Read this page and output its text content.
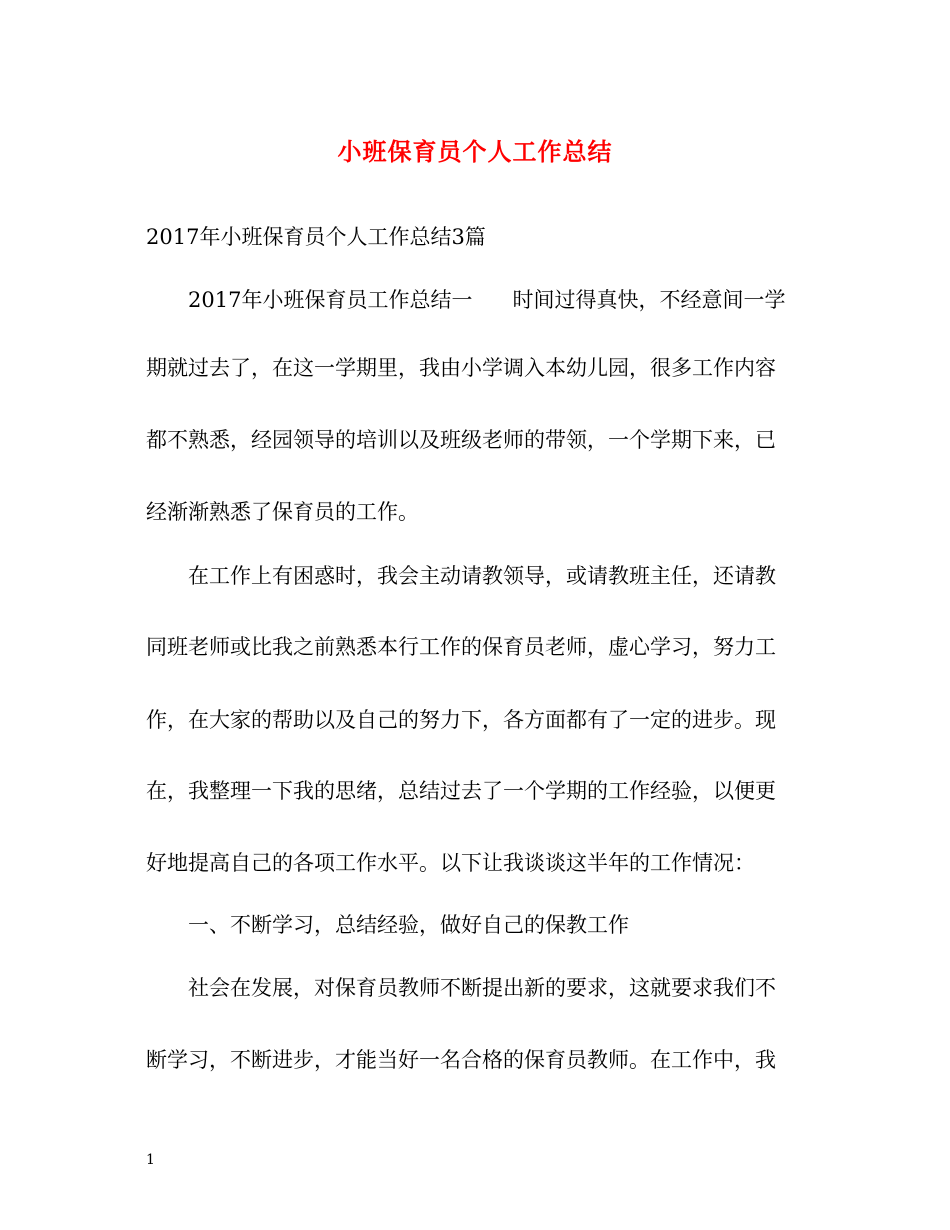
小班保育员个人工作总结
2017年小班保育员个人工作总结3篇
2017年小班保育员工作总结一 时间过得真快，不经意间一学
期就过去了，在这一学期里，我由小学调入本幼儿园，很多工作内容
都不熟悉，经园领导的培训以及班级老师的带领，一个学期下来，已
经渐渐熟悉了保育员的工作。
在工作上有困惑时，我会主动请教领导，或请教班主任，还请教
同班老师或比我之前熟悉本行工作的保育员老师，虚心学习，努力工
作，在大家的帮助以及自己的努力下，各方面都有了一定的进步。现
在，我整理一下我的思绪，总结过去了一个学期的工作经验，以便更
好地提高自己的各项工作水平。以下让我谈谈这半年的工作情况：
一、不断学习，总结经验，做好自己的保教工作
社会在发展，对保育员教师不断提出新的要求，这就要求我们不
断学习，不断进步，才能当好一名合格的保育员教师。在工作中，我
1
